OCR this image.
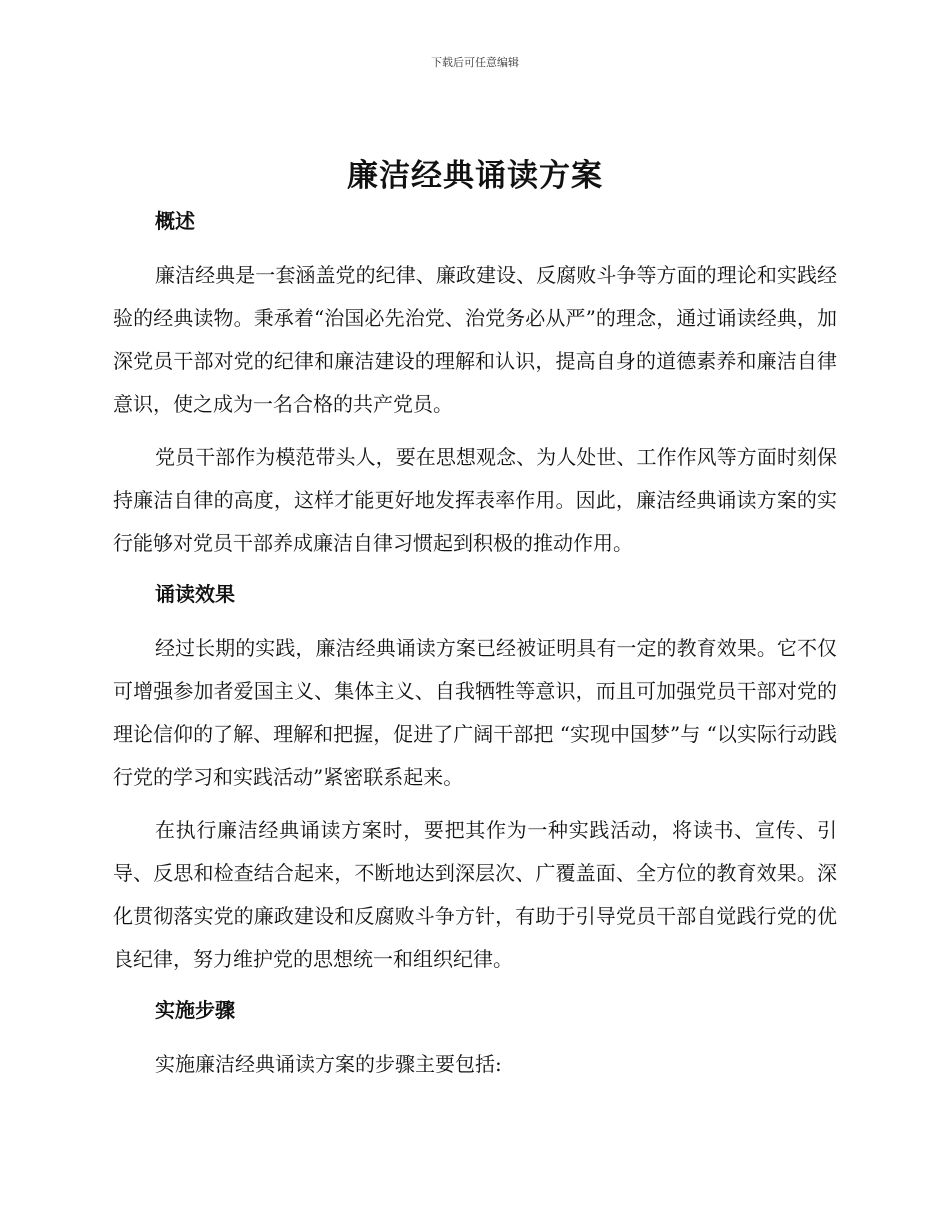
下载后可任意编辑
廉洁经典诵读方案
概述

廉洁经典是一套涵盖党的纪律、廉政建设、反腐败斗争等方面的理论和实践经验的经典读物。秉承着“治国必先治党、治党务必从严”的理念，通过诵读经典，加深党员干部对党的纪律和廉洁建设的理解和认识，提高自身的道德素养和廉洁自律意识，使之成为一名合格的共产党员。

党员干部作为模范带头人，要在思想观念、为人处世、工作作风等方面时刻保持廉洁自律的高度，这样才能更好地发挥表率作用。因此，廉洁经典诵读方案的实行能够对党员干部养成廉洁自律习惯起到积极的推动作用。

诵读效果

经过长期的实践，廉洁经典诵读方案已经被证明具有一定的教育效果。它不仅可增强参加者爱国主义、集体主义、自我牺牲等意识，而且可加强党员干部对党的理论信仰的了解、理解和把握，促进了广阔干部把 “实现中国梦”与 “以实际行动践行党的学习和实践活动”紧密联系起来。

在执行廉洁经典诵读方案时，要把其作为一种实践活动，将读书、宣传、引导、反思和检查结合起来，不断地达到深层次、广覆盖面、全方位的教育效果。深化贯彻落实党的廉政建设和反腐败斗争方针，有助于引导党员干部自觉践行党的优良纪律，努力维护党的思想统一和组织纪律。

实施步骤

实施廉洁经典诵读方案的步骤主要包括:
